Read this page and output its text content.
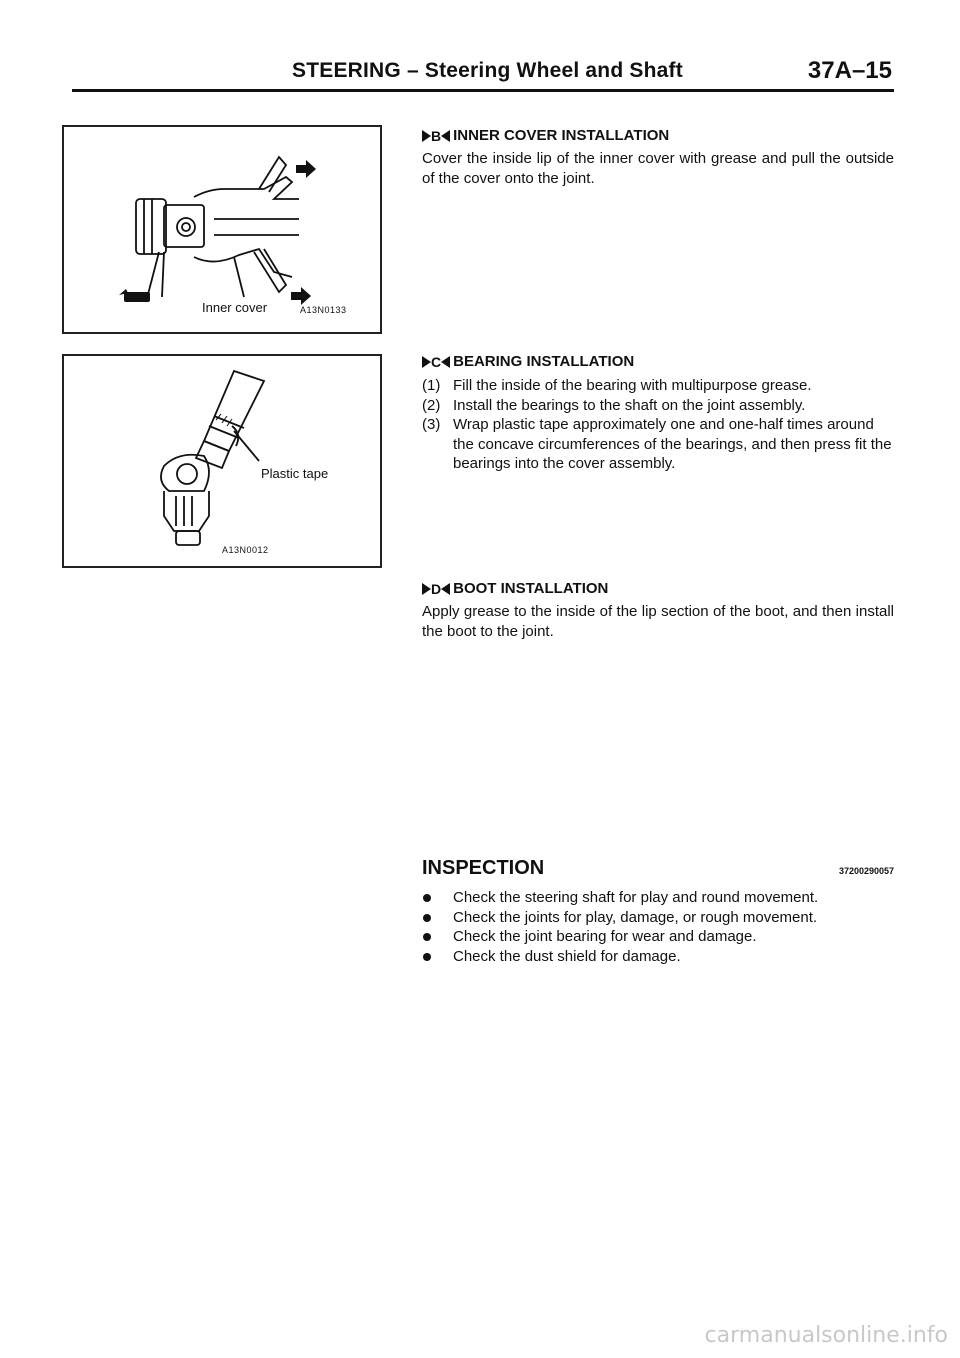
STEERING – Steering Wheel and Shaft	37A–15
Inner cover	A13N0133
Plastic tape
A13N0012
B INNER COVER INSTALLATION
Cover the inside lip of the inner cover with grease and pull the outside of the cover onto the joint.
C BEARING INSTALLATION
(1) Fill the inside of the bearing with multipurpose grease.
(2) Install the bearings to the shaft on the joint assembly.
(3) Wrap plastic tape approximately one and one-half times around the concave circumferences of the bearings, and then press fit the bearings into the cover assembly.
D BOOT INSTALLATION
Apply grease to the inside of the lip section of the boot, and then install the boot to the joint.
INSPECTION	37200290057
Check the steering shaft for play and round movement.
Check the joints for play, damage, or rough movement.
Check the joint bearing for wear and damage.
Check the dust shield for damage.
carmanualsonline.info
